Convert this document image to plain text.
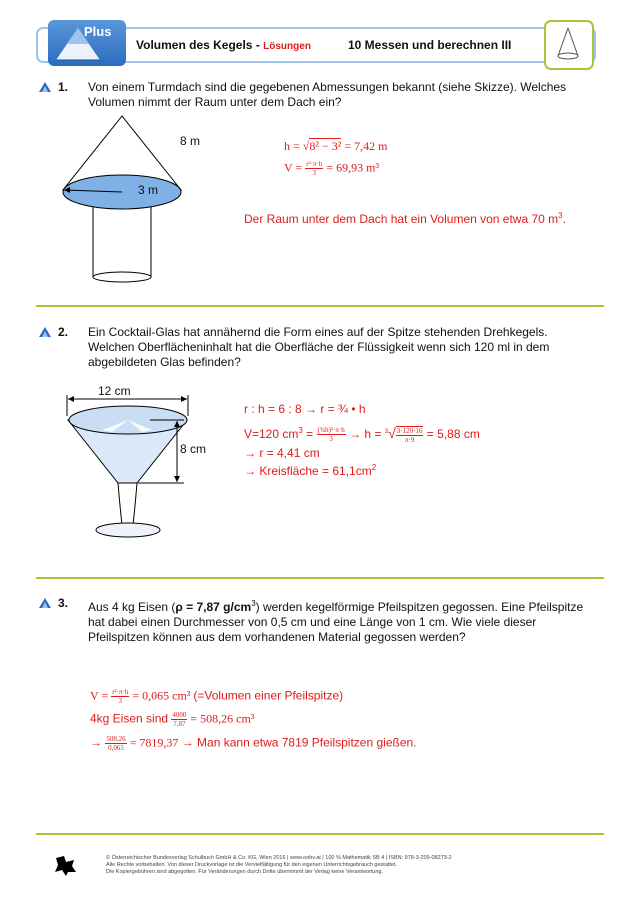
Plus
Volumen des Kegels - Lösungen	10 Messen und berechnen III
1. Von einem Turmdach sind die gegebenen Abmessungen bekannt (siehe Skizze). Welches Volumen nimmt der Raum unter dem Dach ein?
8 m
3 m
h = √8² − 3² = 7,42 m
$V = \frac{\text{r²·π·h}}{3} = 69,93$ m³
Der Raum unter dem Dach hat ein Volumen von etwa 70 $m^3$.
2. Ein Cocktail-Glas hat annähernd die Form eines auf der Spitze stehenden Drehkegels. Welchen Oberflächeninhalt hat die Oberfläche der Flüssigkeit wenn sich 120 ml in dem abgebildeten Glas befinden?
12 cm
8 cm
r : h = 6 : 8 → r = ¾ • h
V=120 $cm^3 = \frac{\text{(¾h)²·π·h}}{3} \to h = ^3√ \frac{3\cdot 120\cdot 16}{\pi\cdot 9} = 5,88$ cm
→ r = 4,41 cm
→ Kreisfläche = $61,1cm^2$
3. Aus 4 kg Eisen (ρ = 7,87 $g/cm^3$) werden kegelförmige Pfeilspitzen gegossen. Eine Pfeilspitze hat dabei einen Durchmesser von 0,5 cm und eine Länge von 1 cm. Wie viele dieser Pfeilspitzen können aus dem vorhandenen Material gegossen werden?
$V = \frac{\text{r²·π·h}}{3} = 0,065$ cm³ (=Volumen einer Pfeilspitze)
4kg Eisen sind $\frac{4000}{7,87} = 508,26$ cm³
→ $\frac{508,26}{0,065} = 7819,37$ → Man kann etwa 7819 Pfeilspitzen gießen.
© Österreichischer Bundesverlag Schulbuch GmbH & Co. KG, Wien 2016 | www.oebv.at | 100 % Mathematik SB 4 | ISBN: 978-3-209-08273-2
Alle Rechte vorbehalten. Von dieser Druckvorlage ist die Vervielfältigung für den eigenen Unterrichtsgebrauch gestattet.
Die Kopiergebühren sind abgegolten. Für Veränderungen durch Dritte übernimmt der Verlag keine Verantwortung.
